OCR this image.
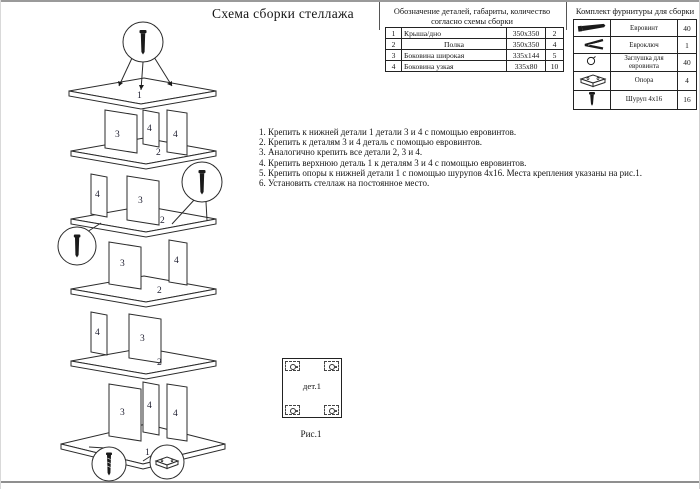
Схема сборки стеллажа	Обозначение деталей, габариты, количество
согласно схемы сборки
1	Крыша/дно	350x350	2
2	Полка	350x350	4
3	Боковина широкая	335x144	5
4	Боковина узкая	335x80	10
Комплект фурнитуры для сборки
	Евровинт	40
	Евроключ	1
	Заглушка для евровинта	40
	Опора	4
	Шуруп 4x16	16
1. Крепить к нижней детали 1 детали 3 и 4 с помощью евровинтов.
2. Крепить к деталям 3 и 4 деталь с помощью евровинтов.
3. Аналогично крепить все детали 2, 3 и 4.
4. Крепить верхнюю деталь 1 к деталям 3 и 4 с помощью евровинтов.
5. Крепить опоры к нижней детали 1 с помощью шурупов 4x16. Места крепления указаны на рис.1.
6. Установить стеллаж на постоянное место.
дет.1
Рис.1
1
3
4
4
2
4
3
2
3	4
2
4
3
2
3
4
4
1
